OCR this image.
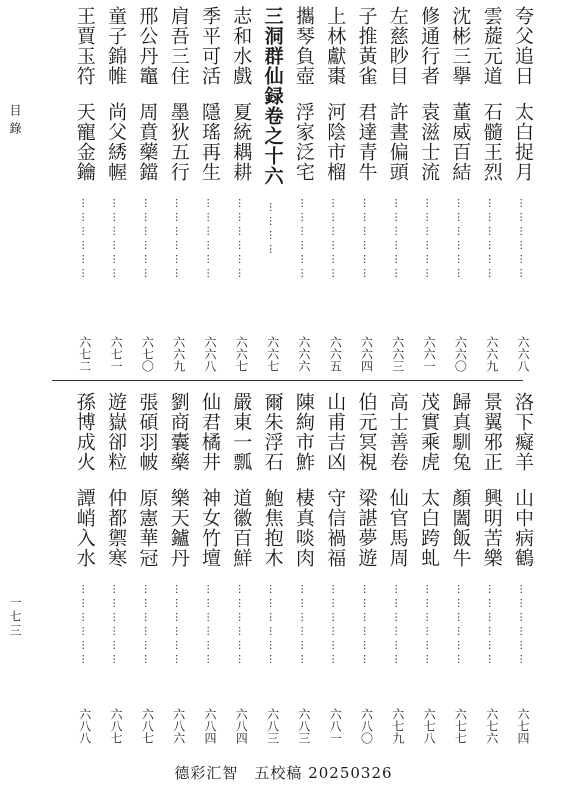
目錄
一七三
夸父追日
太白捉月
………………
六六八
雲蔙元道
石髓王烈
………………
六六九
沈彬三擧
董威百結
………………
六六〇
修通行者
袁滋士流
………………
六六一
左慈眇目
許晝偏頭
………………
六六三
子推黃雀
君達青牛
………………
六六四
上林獻棗
河陰市榴
………………
六六五
攜琴負壺
浮家泛宅
………………
六六六
三洞群仙録卷之十六
…………
六六七
志和水戲
夏統耦耕
………………
六六七
季平可活
隱瑤再生
………………
六六八
肩吾三住
墨狄五行
………………
六六九
邢公丹竈
周賁藥鐺
………………
六七〇
童子錦帷
尚父綉幄
………………
六七一
王賈玉符
天寵金鑰
………………
六七二
洛下癡羊
山中病鶴
………………
六七四
景翼邪正
興明苦樂
………………
六七六
歸真馴兔
顏闔飯牛
………………
六七七
茂實乘虎
太白跨虬
………………
六七八
高士善卷
仙官馬周
………………
六七九
伯元冥視
梁諶夢遊
………………
六八〇
山甫吉凶
守信禍福
………………
六八一
陳絢市鮓
棲真啖肉
………………
六八三
爾朱浮石
鮑焦抱木
………………
六八三
嚴東一瓢
道徽百鮮
………………
六八四
仙君橘井
神女竹壇
………………
六八四
劉商囊藥
樂天鑪丹
………………
六八六
張碩羽帔
原憲華冠
………………
六八七
遊嶽卻粒
仲都禦寒
………………
六八七
孫博成火
譚峭入水
………………
六八八
德彩汇智 五校稿 20250326
